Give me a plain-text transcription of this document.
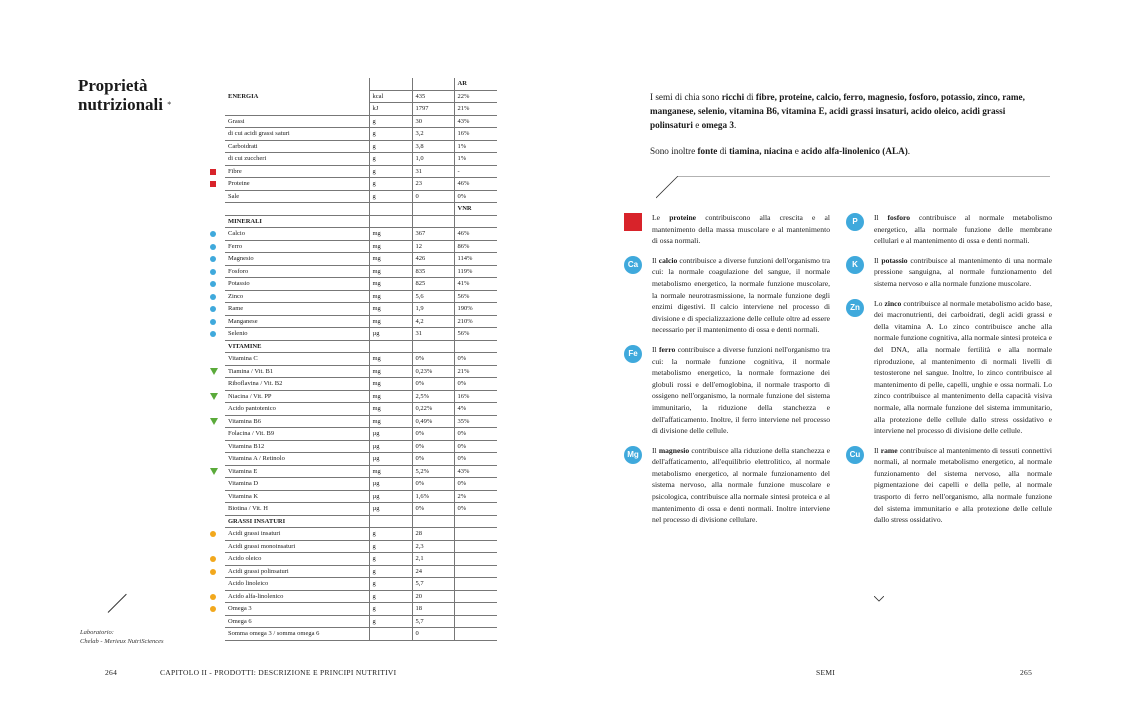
Proprietà
nutrizionali *
			AR
ENERGIA	kcal	435	22%
	kJ	1797	21%
Grassi	g	30	43%
di cui acidi grassi saturi	g	3,2	16%
Carboidrati	g	3,8	1%
di cui zuccheri	g	1,0	1%

Fibre	g	31	-

Proteine	g	23	46%
Sale	g	0	0%
			VNR
MINERALI			

Calcio	mg	367	46%

Ferro	mg	12	86%

Magnesio	mg	426	114%

Fosforo	mg	835	119%

Potassio	mg	825	41%

Zinco	mg	5,6	56%

Rame	mg	1,9	190%

Manganese	mg	4,2	210%

Selenio	µg	31	56%
VITAMINE			
Vitamina C	mg	0%	0%

Tiamina / Vit. B1	mg	0,23%	21%
Riboflavina / Vit. B2	mg	0%	0%

Niacina / Vit. PP	mg	2,5%	16%
Acido pantotenico	mg	0,22%	4%

Vitamina B6	mg	0,49%	35%
Folacina / Vit. B9	µg	0%	0%
Vitamina B12	µg	0%	0%
Vitamina A / Retinolo	µg	0%	0%

Vitamina E	mg	5,2%	43%
Vitamina D	µg	0%	0%
Vitamina K	µg	1,6%	2%
Biotina / Vit. H	µg	0%	0%
GRASSI INSATURI			

Acidi grassi insaturi	g	28	
Acidi grassi monoinsaturi	g	2,3	

Acido oleico	g	2,1	

Acidi grassi polinsaturi	g	24	
Acido linoleico	g	5,7	

Acido alfa-linolenico	g	20	

Omega 3	g	18	
Omega 6	g	5,7	
Somma omega 3 / somma omega 6		0	
Laboratorio:
Chelab - Merieux NutriSciences
264	CAPITOLO II - PRODOTTI: DESCRIZIONE E PRINCIPI NUTRITIVI

I semi di chia sono ricchi di fibre, proteine, calcio, ferro, magnesio, fosforo, potassio, zinco, rame, manganese, selenio, vitamina B6, vitamina E, acidi grassi insaturi, acido oleico, acidi grassi polinsaturi e omega 3.

Sono inoltre fonte di tiamina, niacina e acido alfa-linolenico (ALA).

Le proteine contribuiscono alla crescita e al mantenimento della massa muscolare e al mantenimento di ossa normali.
Ca	Il calcio contribuisce a diverse funzioni dell'organismo tra cui: la normale coagulazione del sangue, il normale metabolismo energetico, la normale funzione muscolare, la normale neurotrasmissione, la normale funzione degli enzimi digestivi. Il calcio interviene nel processo di divisione e di specializzazione delle cellule oltre ad essere necessario per il mantenimento di ossa e denti normali.
Fe	Il ferro contribuisce a diverse funzioni nell'organismo tra cui: la normale funzione cognitiva, il normale metabolismo energetico, la normale formazione dei globuli rossi e dell'emoglobina, il normale trasporto di ossigeno nell'organismo, la normale funzione del sistema immunitario, la riduzione della stanchezza e dell'affaticamento. Inoltre, il ferro interviene nel processo di divisione delle cellule.
Mg	Il magnesio contribuisce alla riduzione della stanchezza e dell'affaticamento, all'equilibrio elettrolitico, al normale metabolismo energetico, al normale funzionamento del sistema nervoso, alla normale funzione muscolare e psicologica, contribuisce alla normale sintesi proteica e al mantenimento di ossa e denti normali. Inoltre interviene nel processo di divisione cellulare.
P	Il fosforo contribuisce al normale metabolismo energetico, alla normale funzione delle membrane cellulari e al mantenimento di ossa e denti normali.
K	Il potassio contribuisce al mantenimento di una normale pressione sanguigna, al normale funzionamento del sistema nervoso e alla normale funzione muscolare.
Zn	Lo zinco contribuisce al normale metabolismo acido base, dei macronutrienti, dei carboidrati, degli acidi grassi e della vitamina A. Lo zinco contribuisce anche alla normale funzione cognitiva, alla normale sintesi proteica e del DNA, alla normale fertilità e alla normale riproduzione, al mantenimento di normali livelli di testosterone nel sangue. Inoltre, lo zinco contribuisce al mantenimento di pelle, capelli, unghie e ossa normali. Lo zinco contribuisce al mantenimento della capacità visiva normale, alla normale funzione del sistema immunitario, alla protezione delle cellule dallo stress ossidativo e interviene nel processo di divisione delle cellule.
Cu	Il rame contribuisce al mantenimento di tessuti connettivi normali, al normale metabolismo energetico, al normale funzionamento del sistema nervoso, alla normale pigmentazione dei capelli e della pelle, al normale trasporto di ferro nell'organismo, alla normale funzione del sistema immunitario e alla protezione delle cellule dallo stress ossidativo.
SEMI	265
